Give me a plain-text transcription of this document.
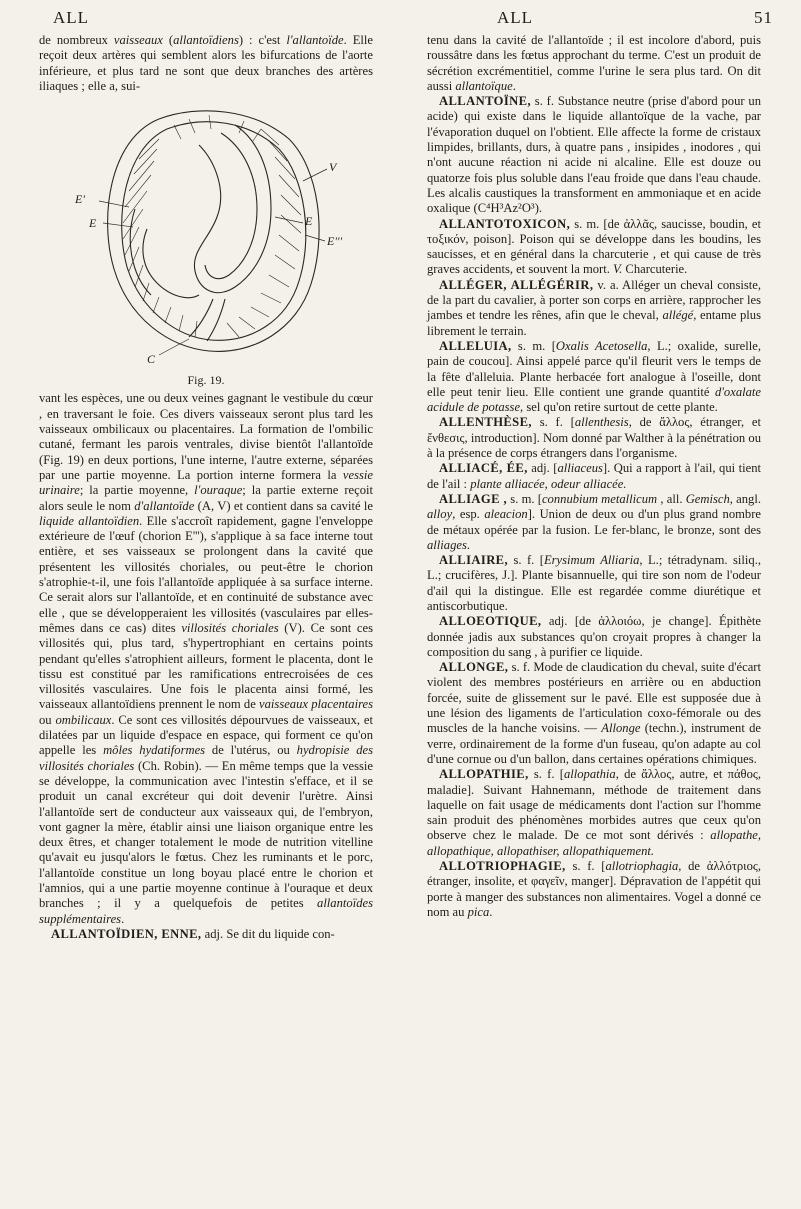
ALL	ALL	51

de nombreux vaisseaux (allantoïdiens) : c'est l'allantoïde. Elle reçoit deux artères qui semblent alors les bifurcations de l'aorte inférieure, et plus tard ne sont que deux branches des artères iliaques ; elle a, sui-

V
E'
E
E
E'''
C
Fig. 19.

vant les espèces, une ou deux veines gagnant le vestibule du cœur , en traversant le foie. Ces divers vaisseaux seront plus tard les vaisseaux ombilicaux ou placentaires. La formation de l'ombilic cutané, fermant les parois ventrales, divise bientôt l'allantoïde (Fig. 19) en deux portions, l'une interne, l'autre externe, séparées par une partie moyenne. La portion interne formera la vessie urinaire; la partie moyenne, l'ouraque; la partie externe reçoit alors seule le nom d'allantoïde (A, V) et contient dans sa cavité le liquide allantoïdien. Elle s'accroît rapidement, gagne l'enveloppe extérieure de l'œuf (chorion E'''), s'applique à sa face interne tout entière, et ses vaisseaux se prolongent dans la cavité que présentent les villosités choriales, ou peut-être le chorion s'atrophie-t-il, une fois l'allantoïde appliquée à sa surface interne. Ce serait alors sur l'allantoïde, et en continuité de substance avec elle , que se développeraient les villosités (vasculaires par elles-mêmes dans ce cas) dites villosités choriales (V). Ce sont ces villosités qui, plus tard, s'hypertrophiant en certains points pendant qu'elles s'atrophient ailleurs, forment le placenta, dont le tissu est constitué par les ramifications entrecroisées de ces villosités vasculaires. Une fois le placenta ainsi formé, les vaisseaux allantoïdiens prennent le nom de vaisseaux placentaires ou ombilicaux. Ce sont ces villosités dépourvues de vaisseaux, et dilatées par un liquide d'espace en espace, qui forment ce qu'on appelle les môles hydatiformes de l'utérus, ou hydropisie des villosités choriales (Ch. Robin). — En même temps que la vessie se développe, la communication avec l'intestin s'efface, et il se produit un canal excréteur qui doit devenir l'urètre. Ainsi l'allantoïde sert de conducteur aux vaisseaux qui, de l'embryon, vont gagner la mère, établir ainsi une liaison organique entre les deux êtres, et changer totalement le mode de nutrition vitelline qu'avait eu jusqu'alors le fœtus. Chez les ruminants et le porc, l'allantoïde constitue un long boyau placé entre le chorion et l'amnios, qui a une partie moyenne continue à l'ouraque et deux branches ; il y a quelquefois de petites allantoïdes supplémentaires.

ALLANTOÏDIEN, ENNE, adj. Se dit du liquide con-

tenu dans la cavité de l'allantoïde ; il est incolore d'abord, puis roussâtre dans les fœtus approchant du terme. C'est un produit de sécrétion excrémentitiel, comme l'urine le sera plus tard. On dit aussi allantoïque.

ALLANTOÏNE, s. f. Substance neutre (prise d'abord pour un acide) qui existe dans le liquide allantoïque de la vache, par l'évaporation duquel on l'obtient. Elle affecte la forme de cristaux limpides, brillants, durs, à quatre pans , insipides , inodores , qui n'ont aucune réaction ni acide ni alcaline. Elle est douze ou quatorze fois plus soluble dans l'eau froide que dans l'eau chaude. Les alcalis caustiques la transforment en ammoniaque et en acide oxalique (C⁴H³Az²O³).

ALLANTOTOXICON, s. m. [de ἀλλᾶς, saucisse, boudin, et τοξικόν, poison]. Poison qui se développe dans les boudins, les saucisses, et en général dans la charcuterie , et qui cause de très graves accidents, et souvent la mort. V. Charcuterie.

ALLÉGER, ALLÉGÉRIR, v. a. Alléger un cheval consiste, de la part du cavalier, à porter son corps en arrière, rapprocher les jambes et tendre les rênes, afin que le cheval, allégé, entame plus librement le terrain.

ALLELUIA, s. m. [Oxalis Acetosella, L.; oxalide, surelle, pain de coucou]. Ainsi appelé parce qu'il fleurit vers le temps de la fête d'alleluia. Plante herbacée fort analogue à l'oseille, dont elle peut tenir lieu. Elle contient une grande quantité d'oxalate acidule de potasse, sel qu'on retire surtout de cette plante.

ALLENTHÈSE, s. f. [allenthesis, de ἄλλος, étranger, et ἔνθεσις, introduction]. Nom donné par Walther à la pénétration ou à la présence de corps étrangers dans l'organisme.

ALLIACÉ, ÉE, adj. [alliaceus]. Qui a rapport à l'ail, qui tient de l'ail : plante alliacée, odeur alliacée.

ALLIAGE , s. m. [connubium metallicum , all. Gemisch, angl. alloy, esp. aleacion]. Union de deux ou d'un plus grand nombre de métaux opérée par la fusion. Le fer-blanc, le bronze, sont des alliages.

ALLIAIRE, s. f. [Erysimum Alliaria, L.; tétradynam. siliq., L.; crucifères, J.]. Plante bisannuelle, qui tire son nom de l'odeur d'ail qui la distingue. Elle est regardée comme diurétique et antiscorbutique.

ALLOEOTIQUE, adj. [de ἀλλοιόω, je change]. Épithète donnée jadis aux substances qu'on croyait propres à changer la composition du sang , à purifier ce liquide.

ALLONGE, s. f. Mode de claudication du cheval, suite d'écart violent des membres postérieurs en arrière ou en abduction forcée, suite de glissement sur le pavé. Elle est supposée due à une lésion des ligaments de l'articulation coxo-fémorale ou des muscles de la hanche voisins. — Allonge (techn.), instrument de verre, ordinairement de la forme d'un fuseau, qu'on adapte au col d'une cornue ou d'un ballon, dans certaines opérations chimiques.

ALLOPATHIE, s. f. [allopathia, de ἄλλος, autre, et πάθος, maladie]. Suivant Hahnemann, méthode de traitement dans laquelle on fait usage de médicaments dont l'action sur l'homme sain produit des phénomènes morbides autres que ceux qu'on observe chez le malade. De ce mot sont dérivés : allopathe, allopathique, allopathiser, allopathiquement.

ALLOTRIOPHAGIE, s. f. [allotriophagia, de ἀλλότριος, étranger, insolite, et φαγεῖν, manger]. Dépravation de l'appétit qui porte à manger des substances non alimentaires. Vogel a donné ce nom au pica.
